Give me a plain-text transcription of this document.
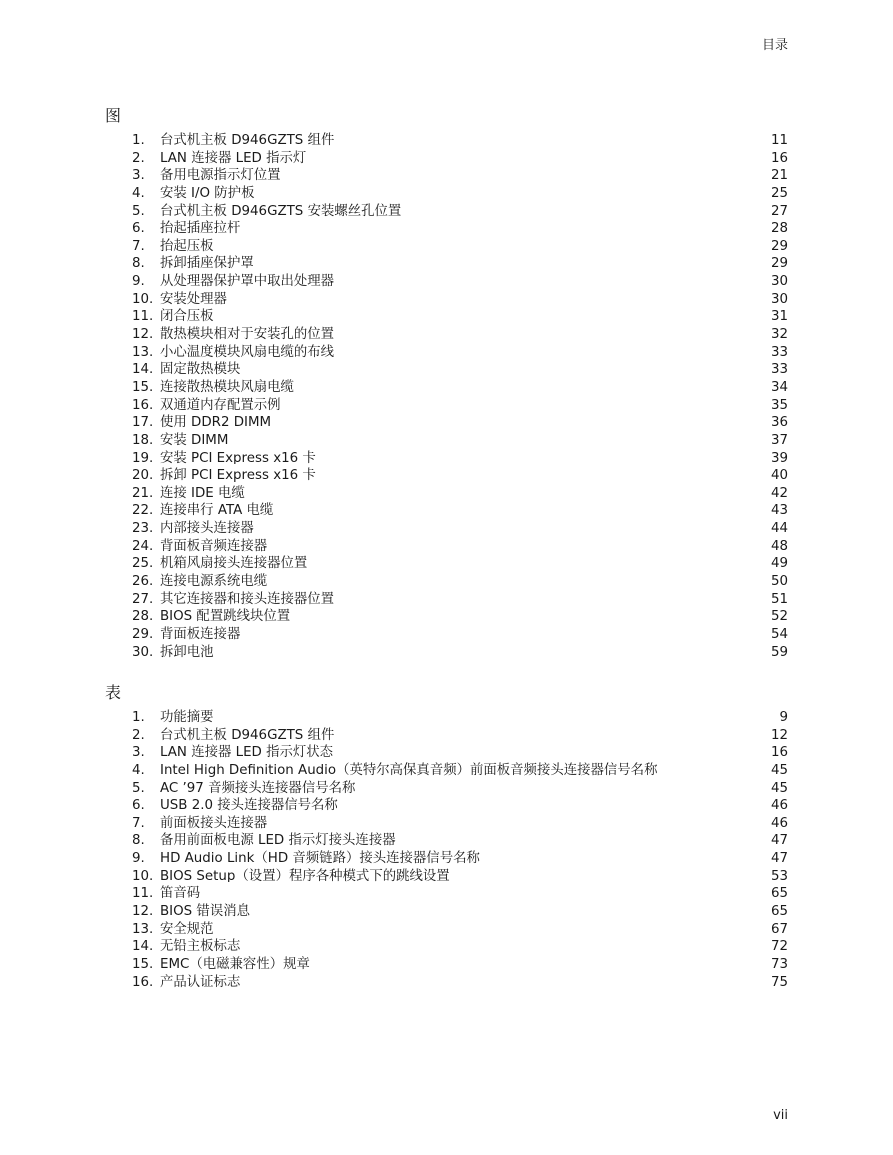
目录
图
1.	台式机主板 D946GZTS 组件	11
2.	LAN 连接器 LED 指示灯	16
3.	备用电源指示灯位置	21
4.	安装 I/O 防护板	25
5.	台式机主板 D946GZTS 安装螺丝孔位置	27
6.	抬起插座拉杆	28
7.	抬起压板	29
8.	拆卸插座保护罩	29
9.	从处理器保护罩中取出处理器	30
10. 安装处理器	30
11. 闭合压板	31
12. 散热模块相对于安装孔的位置	32
13. 小心温度模块风扇电缆的布线	33
14. 固定散热模块	33
15. 连接散热模块风扇电缆	34
16. 双通道内存配置示例	35
17. 使用 DDR2 DIMM	36
18. 安装 DIMM	37
19. 安装 PCI Express x16 卡	39
20. 拆卸 PCI Express x16 卡	40
21. 连接 IDE 电缆	42
22. 连接串行 ATA 电缆	43
23. 内部接头连接器	44
24. 背面板音频连接器	48
25. 机箱风扇接头连接器位置	49
26. 连接电源系统电缆	50
27. 其它连接器和接头连接器位置	51
28. BIOS 配置跳线块位置	52
29. 背面板连接器	54
30. 拆卸电池	59
表
1.	功能摘要	9
2.	台式机主板 D946GZTS 组件	12
3.	LAN 连接器 LED 指示灯状态	16
4.	Intel High Definition Audio（英特尔高保真音频）前面板音频接头连接器信号名称	45
5.	AC ’97 音频接头连接器信号名称	45
6.	USB 2.0 接头连接器信号名称	46
7.	前面板接头连接器	46
8.	备用前面板电源 LED 指示灯接头连接器	47
9.	HD Audio Link（HD 音频链路）接头连接器信号名称	47
10. BIOS Setup（设置）程序各种模式下的跳线设置	53
11. 笛音码	65
12. BIOS 错误消息	65
13. 安全规范	67
14. 无铅主板标志	72
15. EMC（电磁兼容性）规章	73
16. 产品认证标志	75
vii
